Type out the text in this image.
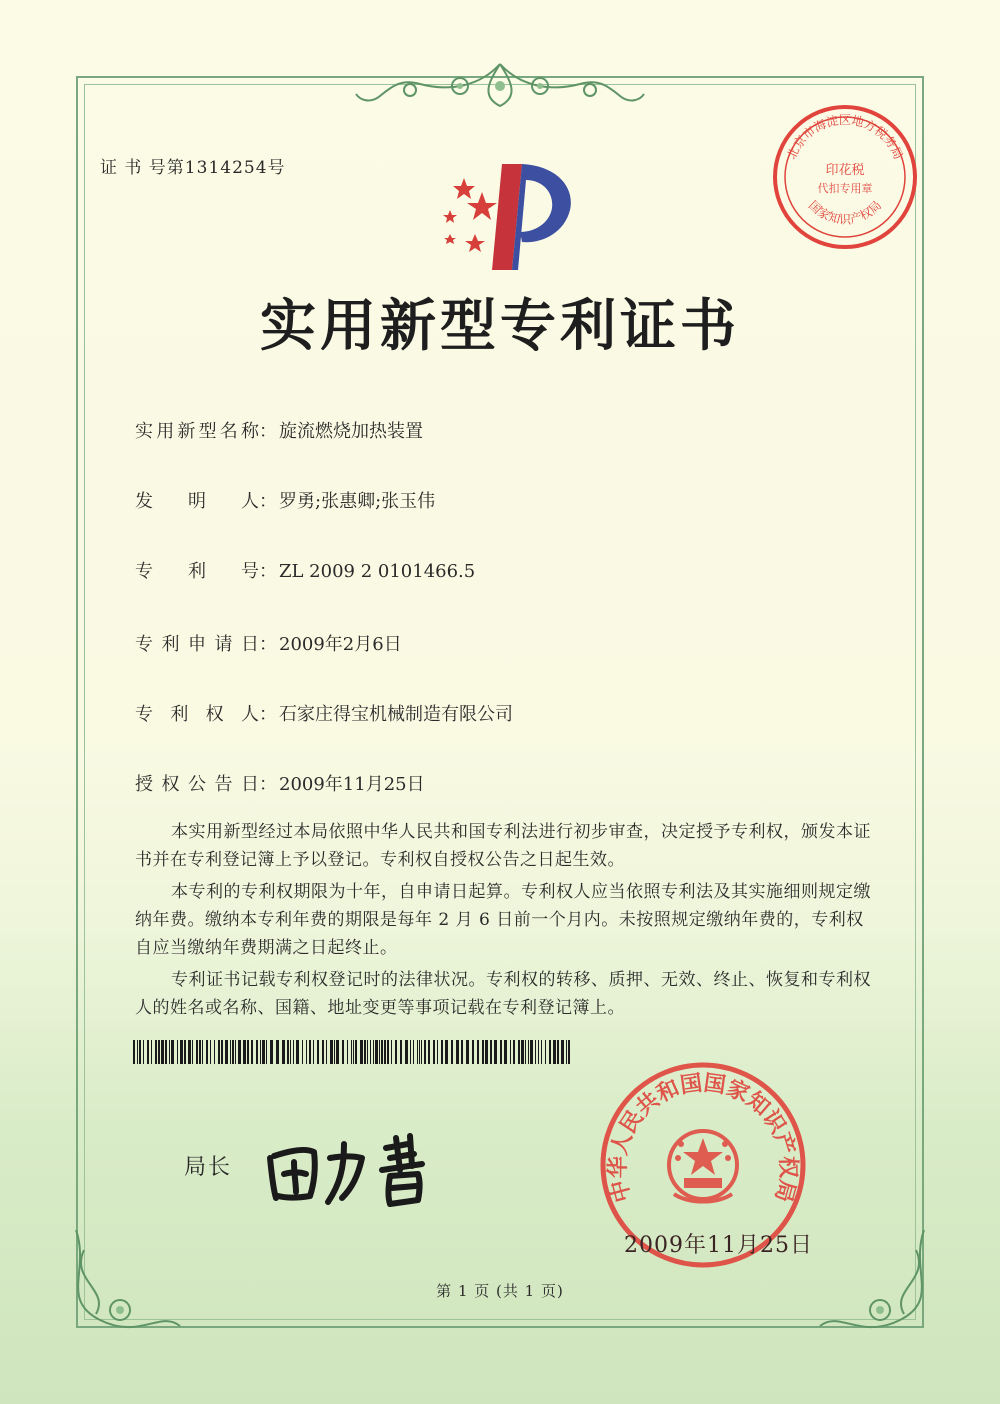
证 书 号第1314254号
北京市海淀区地方税务局
国家知识产权局
印花税
代扣专用章
实用新型专利证书
实用新型名称： 旋流燃烧加热装置
发明人： 罗勇;张惠卿;张玉伟
专利号： ZL 2009 2 0101466.5
专利申请日： 2009年2月6日
专利权人： 石家庄得宝机械制造有限公司
授权公告日： 2009年11月25日
本实用新型经过本局依照中华人民共和国专利法进行初步审查，决定授予专利权，颁发本证书并在专利登记簿上予以登记。专利权自授权公告之日起生效。
本专利的专利权期限为十年，自申请日起算。专利权人应当依照专利法及其实施细则规定缴纳年费。缴纳本专利年费的期限是每年 2 月 6 日前一个月内。未按照规定缴纳年费的，专利权自应当缴纳年费期满之日起终止。
专利证书记载专利权登记时的法律状况。专利权的转移、质押、无效、终止、恢复和专利权人的姓名或名称、国籍、地址变更等事项记载在专利登记簿上。
局长
中华人民共和国国家知识产权局
2009年11月25日
第 1 页 (共 1 页)
